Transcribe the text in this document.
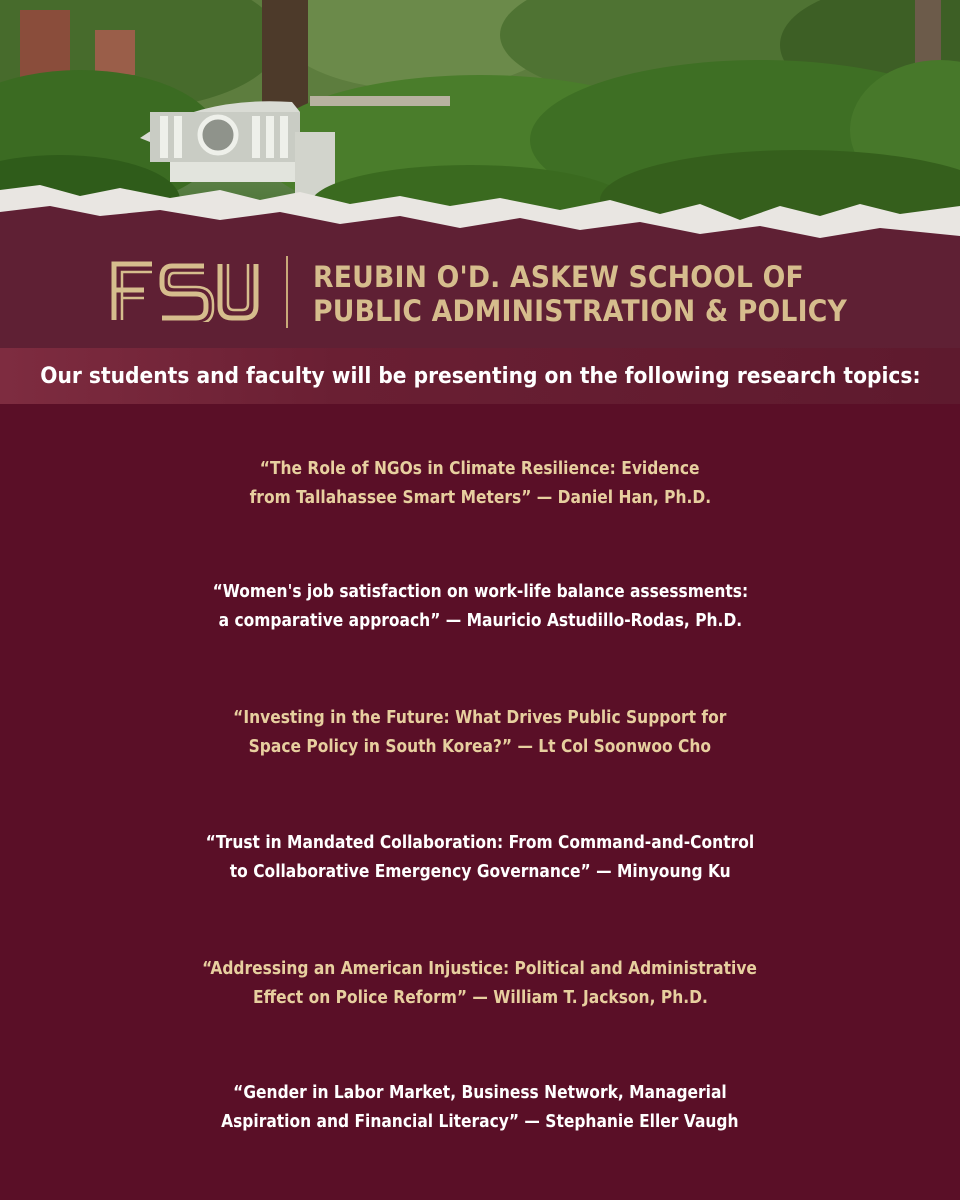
REUBIN O'D. ASKEW SCHOOL OF
PUBLIC ADMINISTRATION & POLICY
Our students and faculty will be presenting on the following research topics:
“The Role of NGOs in Climate Resilience: Evidence
from Tallahassee Smart Meters” — Daniel Han, Ph.D.
“Women's job satisfaction on work-life balance assessments:
a comparative approach” — Mauricio Astudillo-Rodas, Ph.D.
“Investing in the Future: What Drives Public Support for
Space Policy in South Korea?” — Lt Col Soonwoo Cho
“Trust in Mandated Collaboration: From Command-and-Control
to Collaborative Emergency Governance” — Minyoung Ku
“Addressing an American Injustice: Political and Administrative
Effect on Police Reform” — William T. Jackson, Ph.D.
“Gender in Labor Market, Business Network, Managerial
Aspiration and Financial Literacy” — Stephanie Eller Vaugh
